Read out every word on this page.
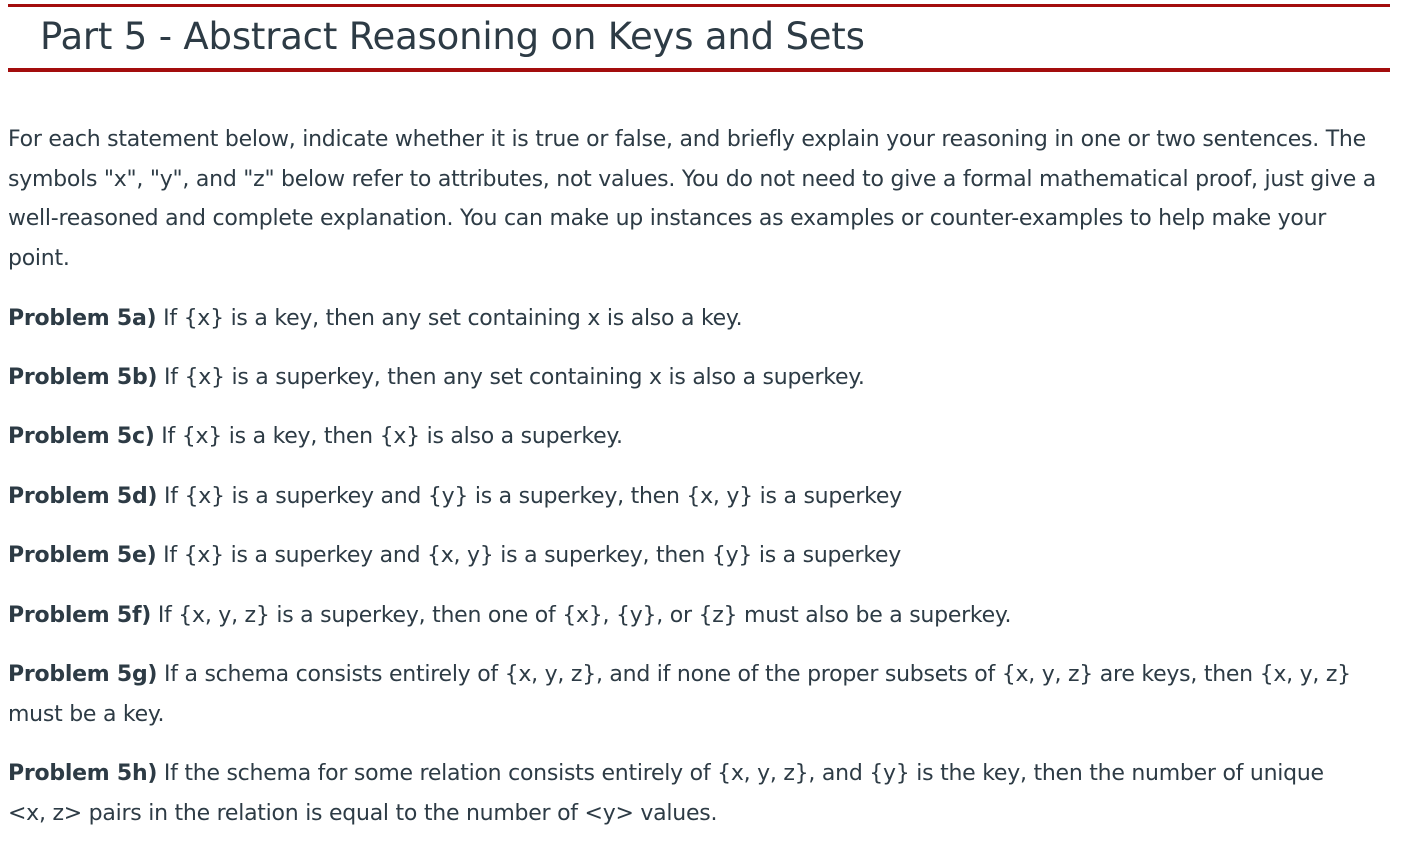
Part 5 - Abstract Reasoning on Keys and Sets

For each statement below, indicate whether it is true or false, and briefly explain your reasoning in one or two sentences. The symbols "x", "y", and "z" below refer to attributes, not values. You do not need to give a formal mathematical proof, just give a well-reasoned and complete explanation. You can make up instances as examples or counter-examples to help make your point.

Problem 5a) If {x} is a key, then any set containing x is also a key.

Problem 5b) If {x} is a superkey, then any set containing x is also a superkey.

Problem 5c) If {x} is a key, then {x} is also a superkey.

Problem 5d) If {x} is a superkey and {y} is a superkey, then {x, y} is a superkey

Problem 5e) If {x} is a superkey and {x, y} is a superkey, then {y} is a superkey

Problem 5f) If {x, y, z} is a superkey, then one of {x}, {y}, or {z} must also be a superkey.

Problem 5g) If a schema consists entirely of {x, y, z}, and if none of the proper subsets of {x, y, z} are keys, then {x, y, z} must be a key.

Problem 5h) If the schema for some relation consists entirely of {x, y, z}, and {y} is the key, then the number of unique <x, z> pairs in the relation is equal to the number of <y> values.
